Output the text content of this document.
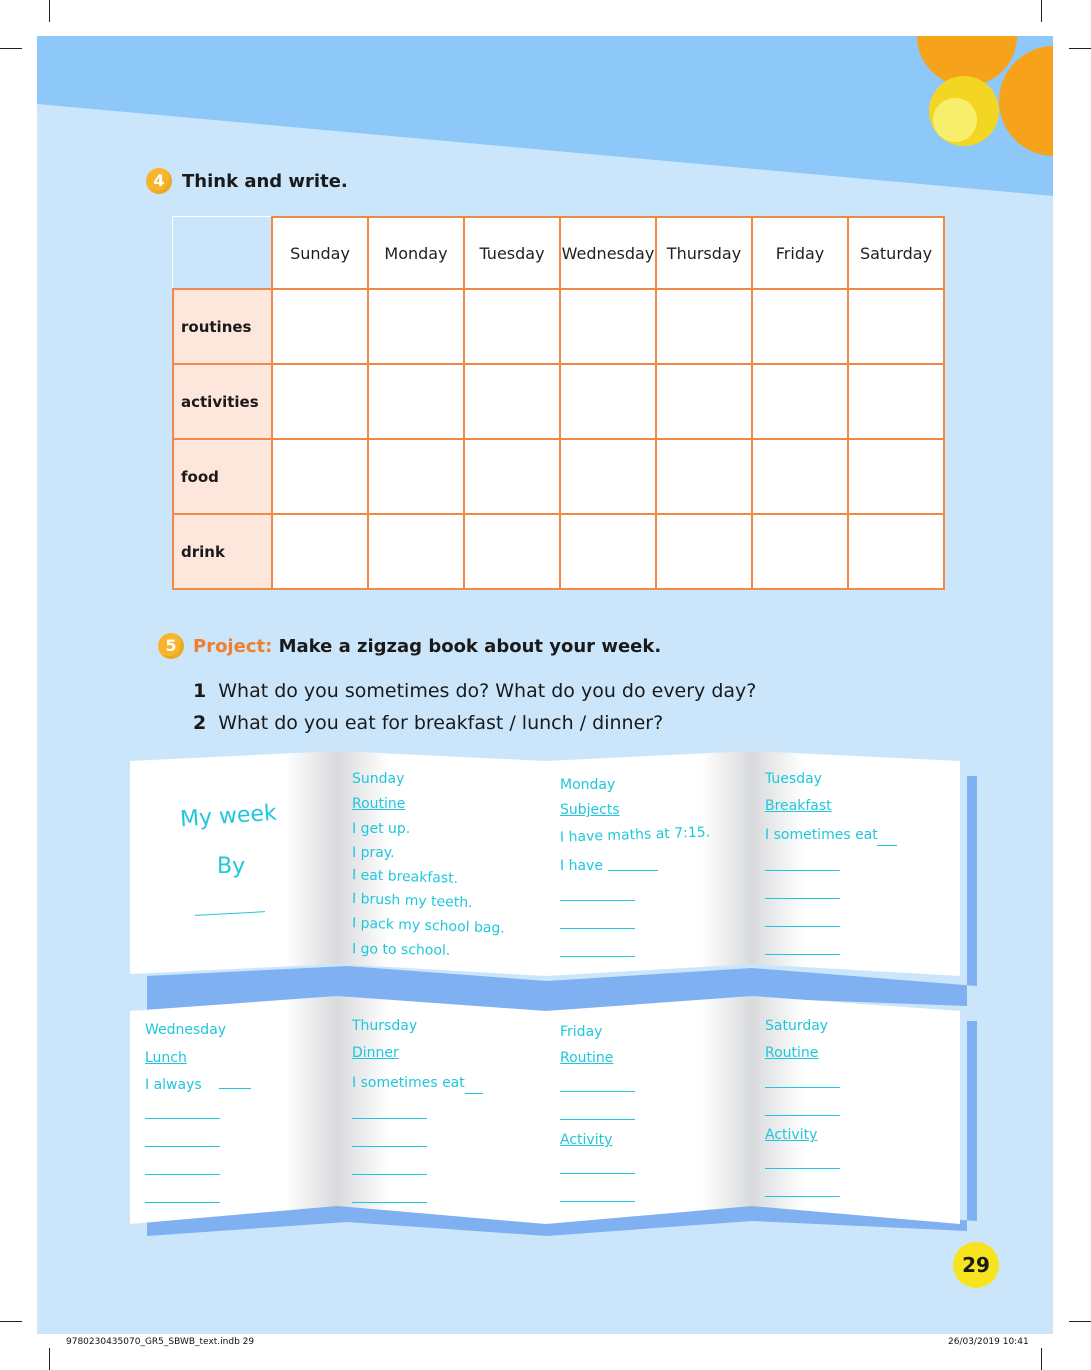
4 Think and write.
	Sunday	Monday	Tuesday	Wednesday	Thursday	Friday	Saturday
routines							
activities							
food							
drink							
5 Project: Make a zigzag book about your week.
1 What do you sometimes do? What do you do every day?
2 What do you eat for breakfast / lunch / dinner?
My week
By
Sunday
Routine
I get up.
I pray.
I eat breakfast.
I brush my teeth.
I pack my school bag.
I go to school.
Monday
Subjects
I have maths at 7:15.
I have
Tuesday
Breakfast
I sometimes eat
Wednesday
Lunch
I always
Thursday
Dinner
I sometimes eat
Friday
Routine
Activity
Saturday
Routine
Activity
29
9780230435070_GR5_SBWB_text.indb 29	26/03/2019 10:41
